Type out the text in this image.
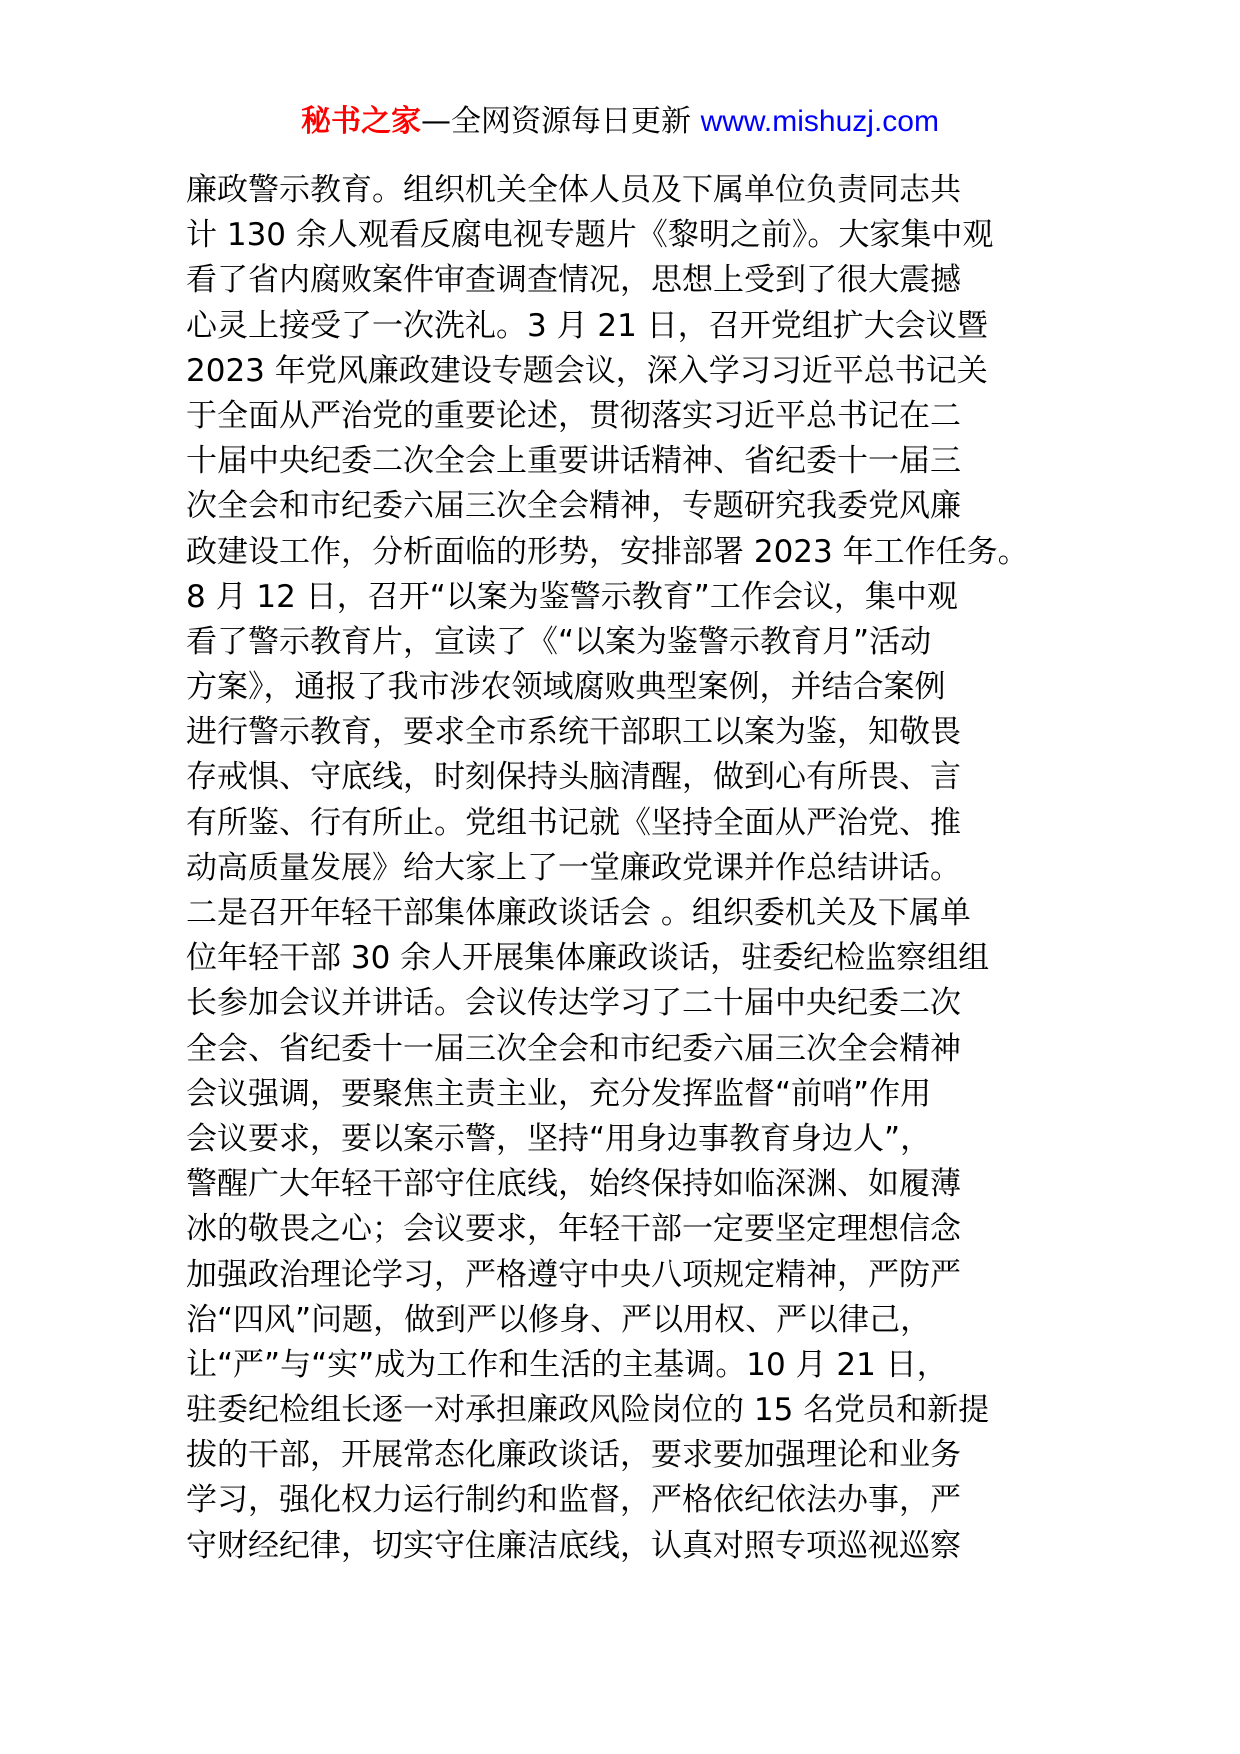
秘书之家—全网资源每日更新 www.mishuzj.com
廉政警示教育。组织机关全体人员及下属单位负责同志共
计 130 余人观看反腐电视专题片《黎明之前》。大家集中观
看了省内腐败案件审查调查情况，思想上受到了很大震撼
心灵上接受了一次洗礼。3 月 21 日，召开党组扩大会议暨
2023 年党风廉政建设专题会议，深入学习习近平总书记关
于全面从严治党的重要论述，贯彻落实习近平总书记在二
十届中央纪委二次全会上重要讲话精神、省纪委十一届三
次全会和市纪委六届三次全会精神，专题研究我委党风廉
政建设工作，分析面临的形势，安排部署 2023 年工作任务。
8 月 12 日，召开“以案为鉴警示教育”工作会议，集中观
看了警示教育片，宣读了《“以案为鉴警示教育月”活动
方案》，通报了我市涉农领域腐败典型案例，并结合案例
进行警示教育，要求全市系统干部职工以案为鉴，知敬畏
存戒惧、守底线，时刻保持头脑清醒，做到心有所畏、言
有所鉴、行有所止。党组书记就《坚持全面从严治党、推
动高质量发展》给大家上了一堂廉政党课并作总结讲话。
二是召开年轻干部集体廉政谈话会 。组织委机关及下属单
位年轻干部 30 余人开展集体廉政谈话，驻委纪检监察组组
长参加会议并讲话。会议传达学习了二十届中央纪委二次
全会、省纪委十一届三次全会和市纪委六届三次全会精神
会议强调，要聚焦主责主业，充分发挥监督“前哨”作用
会议要求，要以案示警，坚持“用身边事教育身边人”，
警醒广大年轻干部守住底线，始终保持如临深渊、如履薄
冰的敬畏之心；会议要求，年轻干部一定要坚定理想信念
加强政治理论学习，严格遵守中央八项规定精神，严防严
治“四风”问题，做到严以修身、严以用权、严以律己，
让“严”与“实”成为工作和生活的主基调。10 月 21 日，
驻委纪检组长逐一对承担廉政风险岗位的 15 名党员和新提
拔的干部，开展常态化廉政谈话，要求要加强理论和业务
学习，强化权力运行制约和监督，严格依纪依法办事，严
守财经纪律，切实守住廉洁底线，认真对照专项巡视巡察
